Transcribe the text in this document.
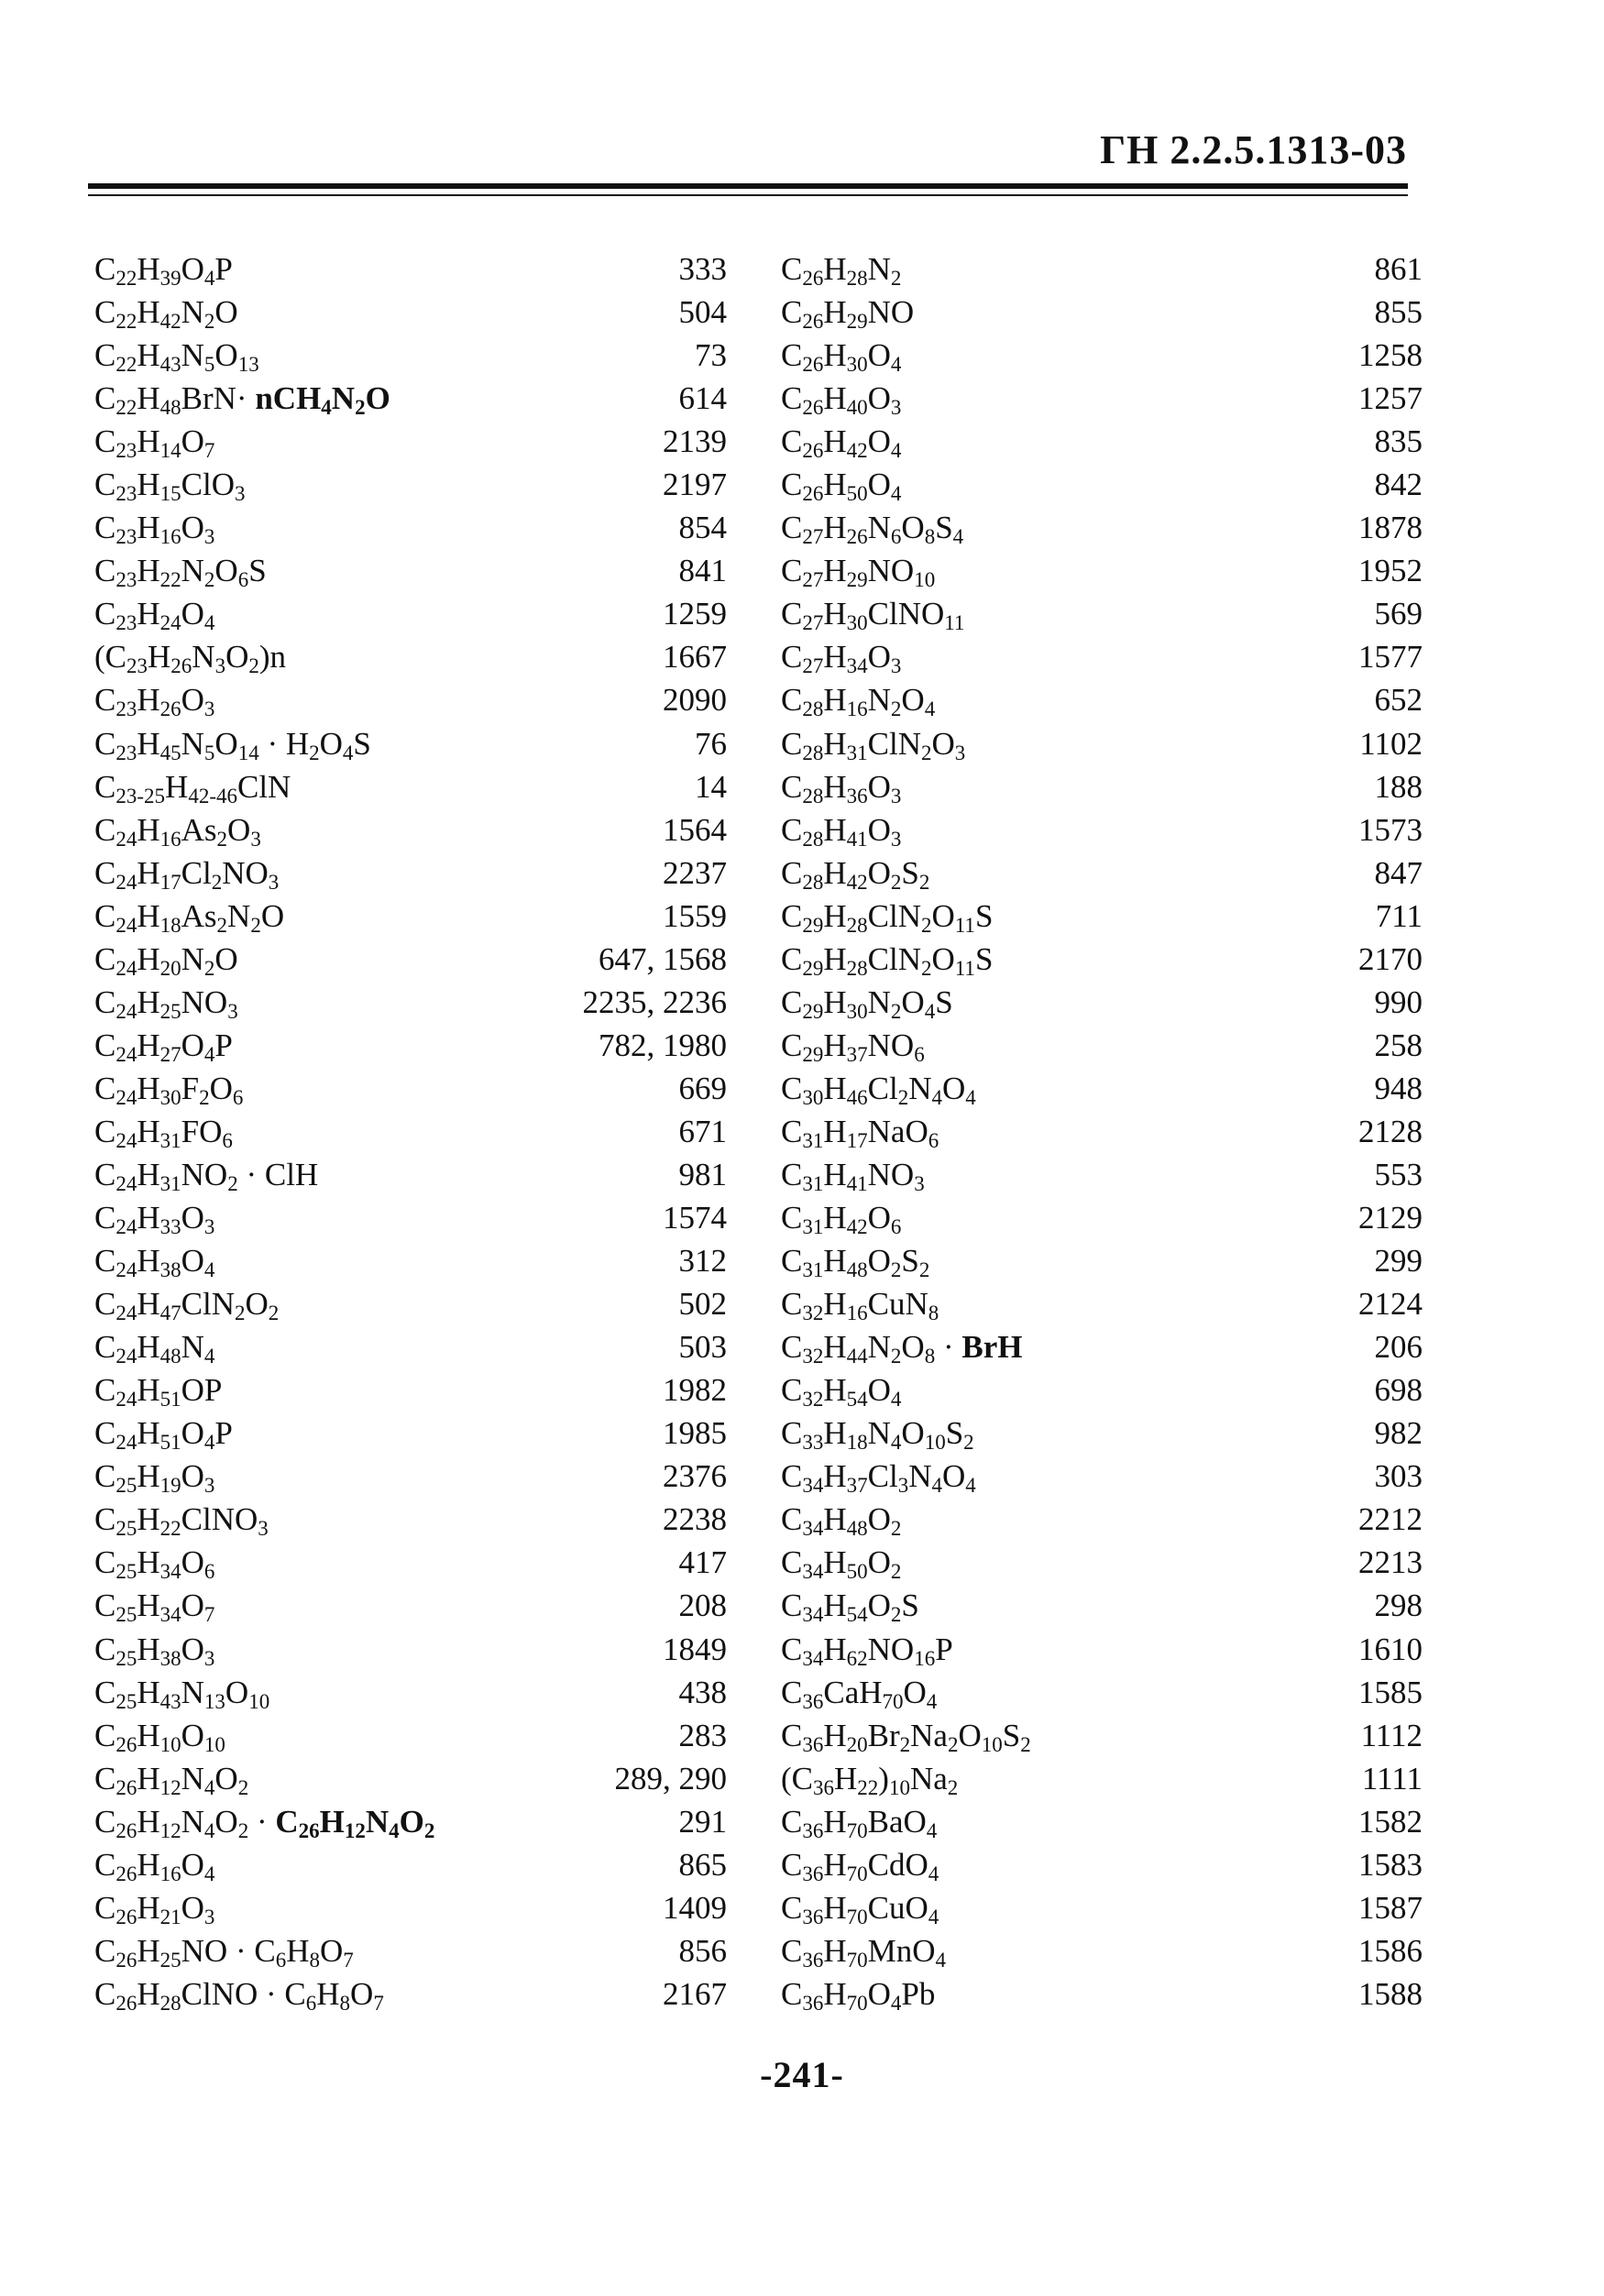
ГН 2.2.5.1313-03
$C_{22}H_{39}O_4P$	333
$C_{22}H_{42}N_2O$	504
$C_{22}H_{43}N_5O_{13}$	73
$C_{22}H_{48}BrN\cdot nCH_4N_2O$	614
$C_{23}H_{14}O_7$	2139
$C_{23}H_{15}ClO_3$	2197
$C_{23}H_{16}O_3$	854
$C_{23}H_{22}N_2O_6S$	841
$C_{23}H_{24}O_4$	1259
$(C_{23}H_{26}N_3O_2)n$	1667
$C_{23}H_{26}O_3$	2090
$C_{23}H_{45}N_5O_{14} \cdot H_2O_4S$	76
$C_{23-25}H_{42-46}ClN$	14
$C_{24}H_{16}As_2O_3$	1564
$C_{24}H_{17}Cl_2NO_3$	2237
$C_{24}H_{18}As_2N_2O$	1559
$C_{24}H_{20}N_2O$	647, 1568
$C_{24}H_{25}NO_3$	2235, 2236
$C_{24}H_{27}O_4P$	782, 1980
$C_{24}H_{30}F_2O_6$	669
$C_{24}H_{31}FO_6$	671
$C_{24}H_{31}NO_2$ · ClH	981
$C_{24}H_{33}O_3$	1574
$C_{24}H_{38}O_4$	312
$C_{24}H_{47}ClN_2O_2$	502
$C_{24}H_{48}N_4$	503
$C_{24}H_{51}OP$	1982
$C_{24}H_{51}O_4P$	1985
$C_{25}H_{19}O_3$	2376
$C_{25}H_{22}ClNO_3$	2238
$C_{25}H_{34}O_6$	417
$C_{25}H_{34}O_7$	208
$C_{25}H_{38}O_3$	1849
$C_{25}H_{43}N_{13}O_{10}$	438
$C_{26}H_{10}O_{10}$	283
$C_{26}H_{12}N_4O_2$	289, 290
$C_{26}H_{12}N_4O_2 \cdot C_{26}H_{12}N_4O_2$	291
$C_{26}H_{16}O_4$	865
$C_{26}H_{21}O_3$	1409
$C_{26}H_{25}NO \cdot C_6H_8O_7$	856
$C_{26}H_{28}ClNO \cdot C_6H_8O_7$	2167
$C_{26}H_{28}N_2$	861
$C_{26}H_{29}NO$	855
$C_{26}H_{30}O_4$	1258
$C_{26}H_{40}O_3$	1257
$C_{26}H_{42}O_4$	835
$C_{26}H_{50}O_4$	842
$C_{27}H_{26}N_6O_8S_4$	1878
$C_{27}H_{29}NO_{10}$	1952
$C_{27}H_{30}ClNO_{11}$	569
$C_{27}H_{34}O_3$	1577
$C_{28}H_{16}N_2O_4$	652
$C_{28}H_{31}ClN_2O_3$	1102
$C_{28}H_{36}O_3$	188
$C_{28}H_{41}O_3$	1573
$C_{28}H_{42}O_2S_2$	847
$C_{29}H_{28}ClN_2O_{11}S$	711
$C_{29}H_{28}ClN_2O_{11}S$	2170
$C_{29}H_{30}N_2O_4S$	990
$C_{29}H_{37}NO_6$	258
$C_{30}H_{46}Cl_2N_4O_4$	948
$C_{31}H_{17}NaO_6$	2128
$C_{31}H_{41}NO_3$	553
$C_{31}H_{42}O_6$	2129
$C_{31}H_{48}O_2S_2$	299
$C_{32}H_{16}CuN_8$	2124
$C_{32}H_{44}N_2O_8$ · BrH	206
$C_{32}H_{54}O_4$	698
$C_{33}H_{18}N_4O_{10}S_2$	982
$C_{34}H_{37}Cl_3N_4O_4$	303
$C_{34}H_{48}O_2$	2212
$C_{34}H_{50}O_2$	2213
$C_{34}H_{54}O_2S$	298
$C_{34}H_{62}NO_{16}P$	1610
$C_{36}CaH_{70}O_4$	1585
$C_{36}H_{20}Br_2Na_2O_{10}S_2$	1112
$(C_{36}H_{22})_{10}Na_2$	1111
$C_{36}H_{70}BaO_4$	1582
$C_{36}H_{70}CdO_4$	1583
$C_{36}H_{70}CuO_4$	1587
$C_{36}H_{70}MnO_4$	1586
$C_{36}H_{70}O_4Pb$	1588
-241-
